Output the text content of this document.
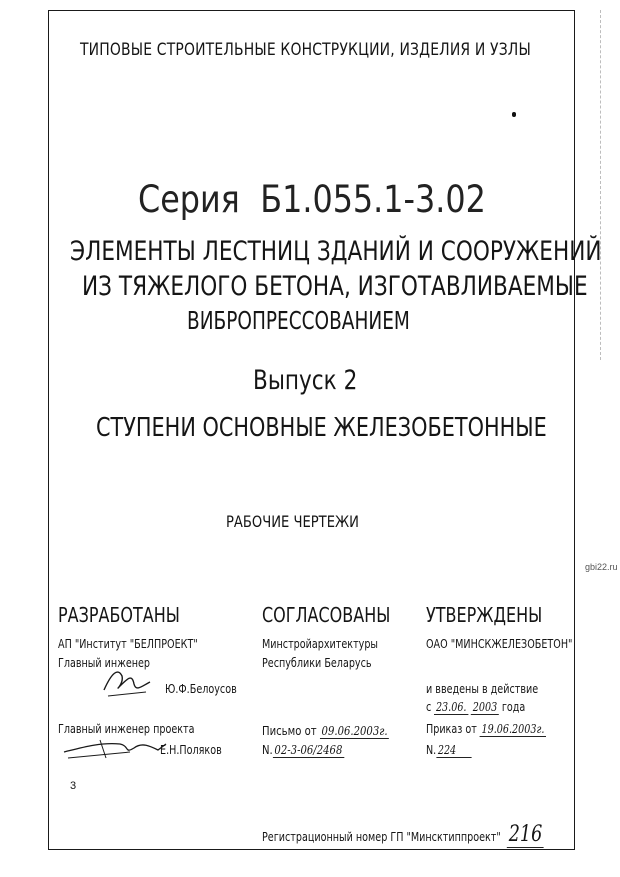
ТИПОВЫЕ СТРОИТЕЛЬНЫЕ КОНСТРУКЦИИ, ИЗДЕЛИЯ И УЗЛЫ
Серия Б1.055.1-3.02
ЭЛЕМЕНТЫ ЛЕСТНИЦ ЗДАНИЙ И СООРУЖЕНИЙ
ИЗ ТЯЖЕЛОГО БЕТОНА, ИЗГОТАВЛИВАЕМЫЕ
ВИБРОПРЕССОВАНИЕМ
Выпуск 2
СТУПЕНИ ОСНОВНЫЕ ЖЕЛЕЗОБЕТОННЫЕ
РАБОЧИЕ ЧЕРТЕЖИ
gbi22.ru
РАЗРАБОТАНЫ
АП "Институт "БЕЛПРОЕКТ"
Главный инженер
Ю.Ф.Белоусов
Главный инженер проекта
Е.Н.Поляков
СОГЛАСОВАНЫ
Минстройархитектуры
Республики Беларусь
Письмо от 09.06.2003г.
N. 02-3-06/2468
УТВЕРЖДЕНЫ
ОАО "МИНСКЖЕЛЕЗОБЕТОН"
и введены в действие
с 23.06. 2003 года
Приказ от 19.06.2003г.
N. 224
3
Регистрационный номер ГП "Минсктиппроект" 216
